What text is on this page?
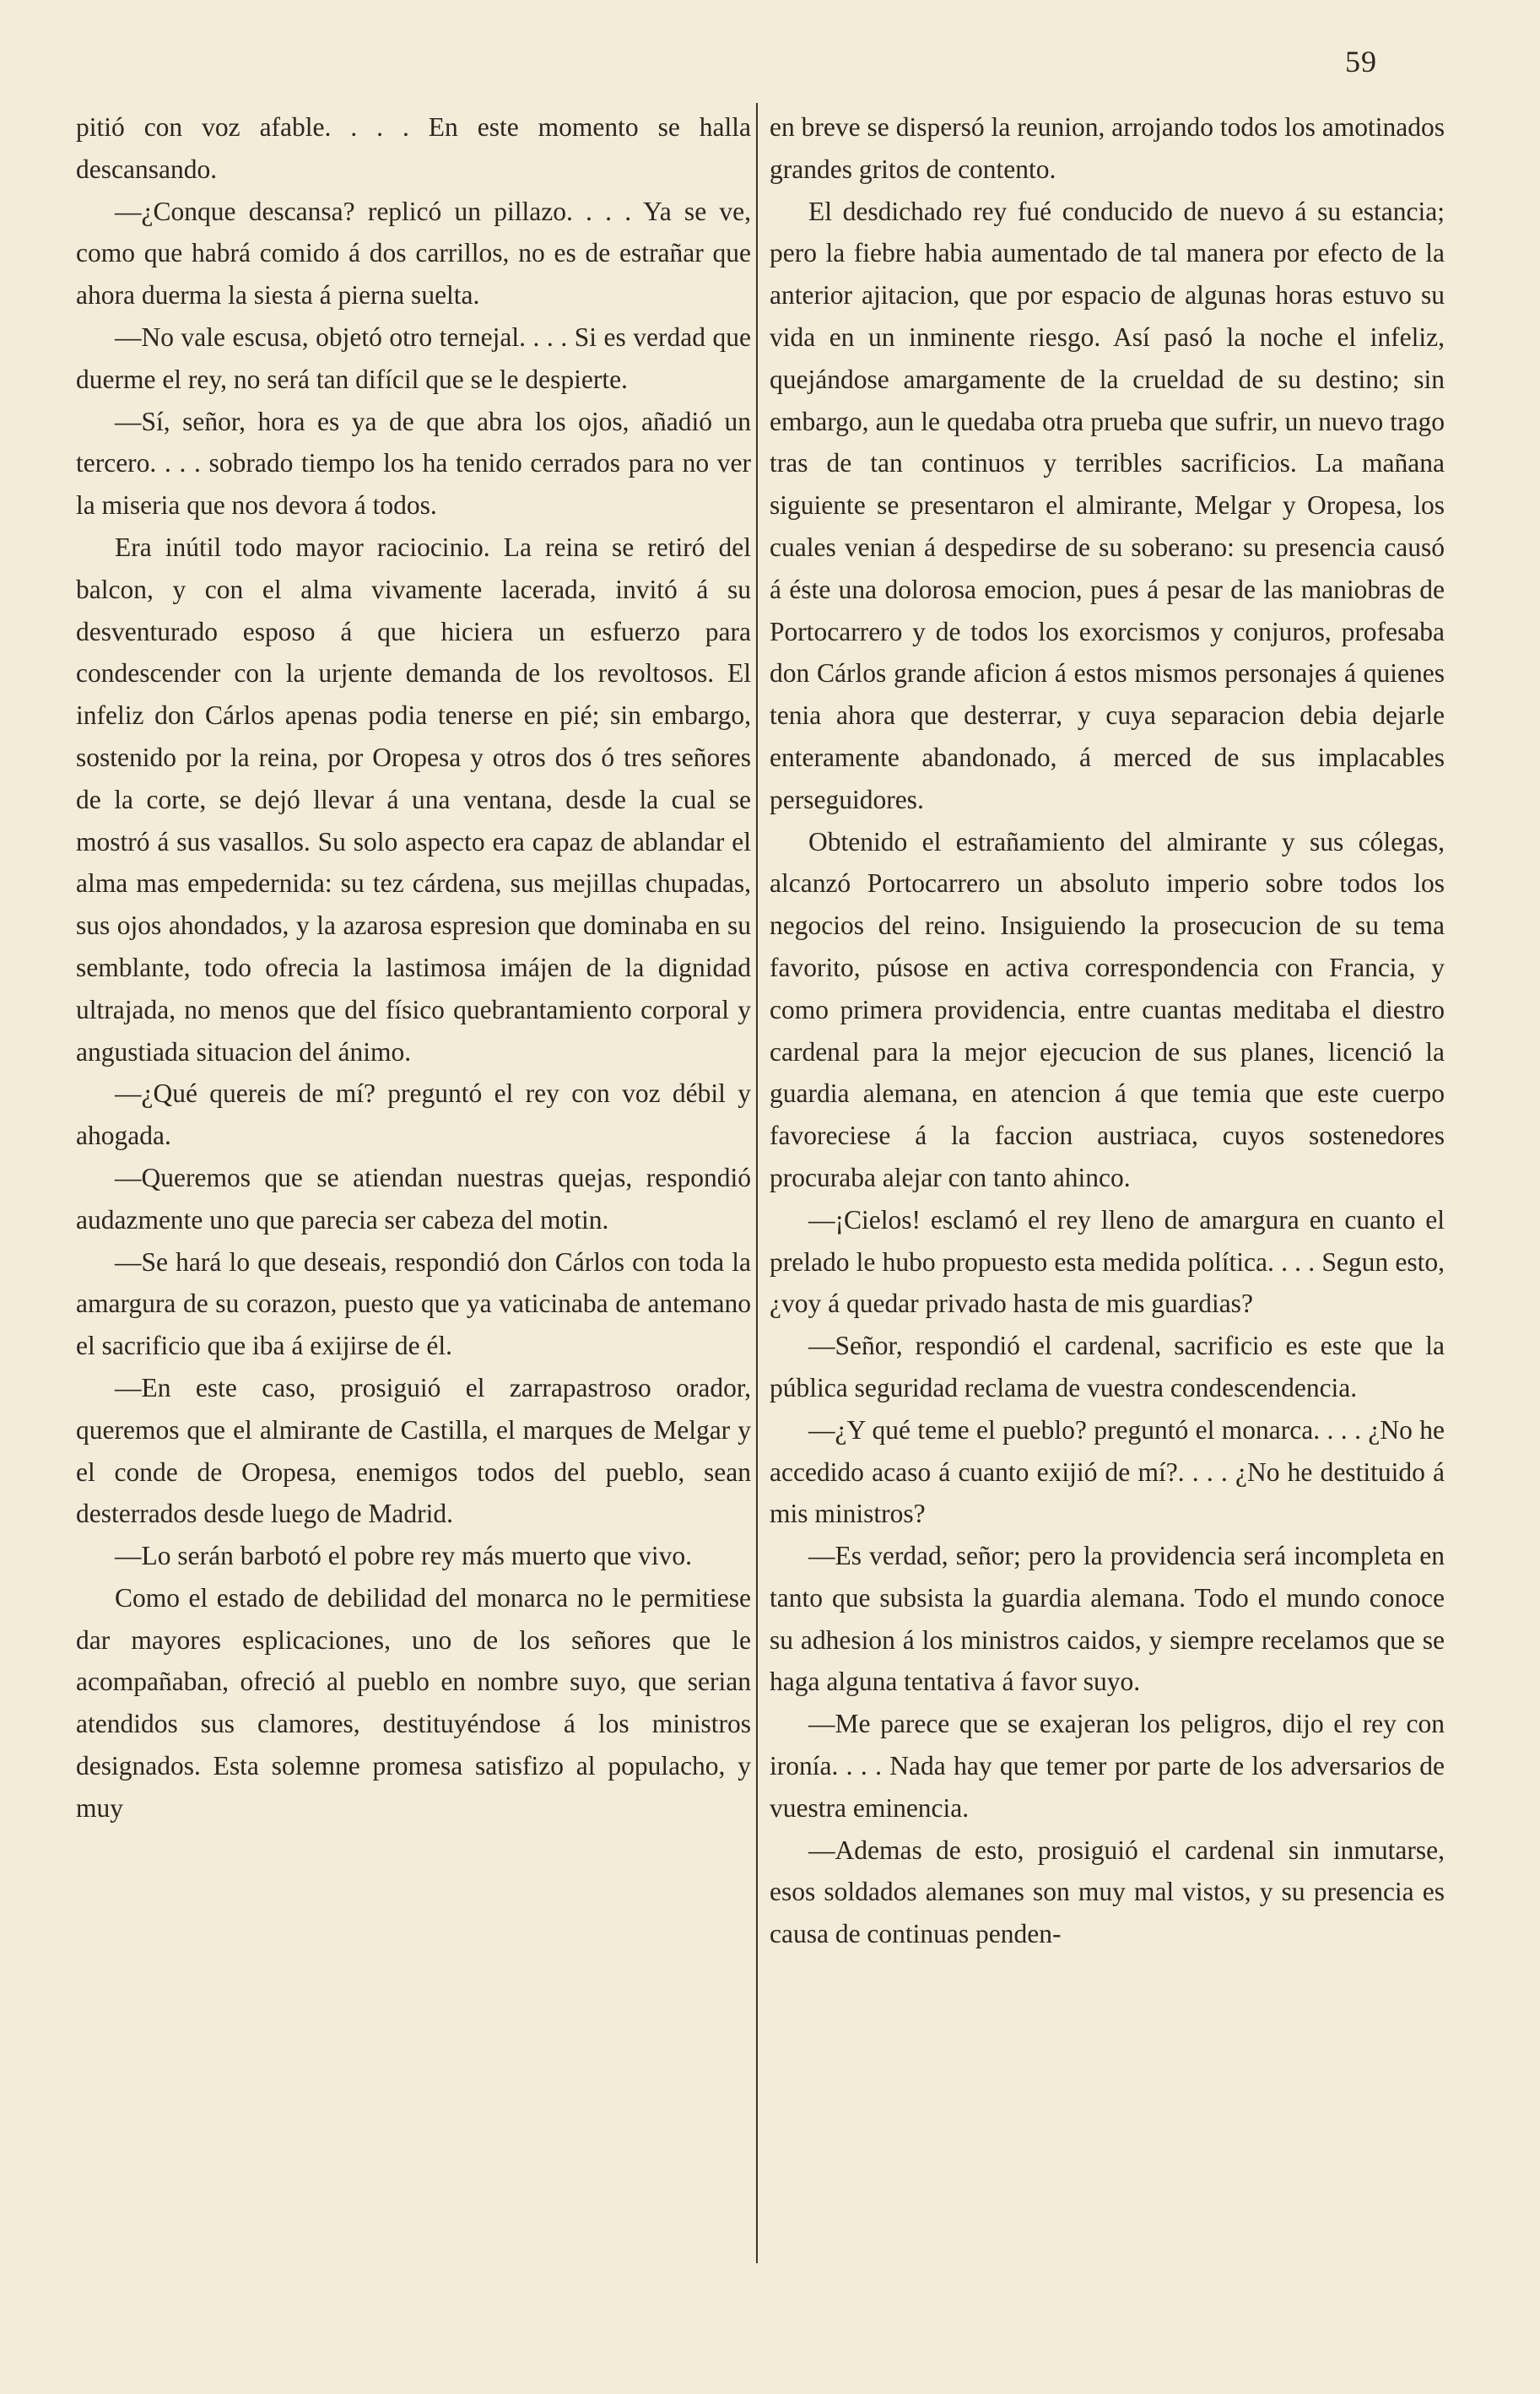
59

pitió con voz afable. . . . En este momento se halla descansando.

—¿Conque descansa? replicó un pillazo. . . . Ya se ve, como que habrá comido á dos carrillos, no es de estrañar que ahora duerma la siesta á pierna suelta.

—No vale escusa, objetó otro ternejal. . . . Si es verdad que duerme el rey, no será tan difícil que se le despierte.

—Sí, señor, hora es ya de que abra los ojos, añadió un tercero. . . . sobrado tiempo los ha tenido cerrados para no ver la miseria que nos devora á todos.

Era inútil todo mayor raciocinio. La reina se retiró del balcon, y con el alma vivamente lacerada, invitó á su desventurado esposo á que hiciera un esfuerzo para condescender con la urjente demanda de los revoltosos. El infeliz don Cárlos apenas podia tenerse en pié; sin embargo, sostenido por la reina, por Oropesa y otros dos ó tres señores de la corte, se dejó llevar á una ventana, desde la cual se mostró á sus vasallos. Su solo aspecto era capaz de ablandar el alma mas empedernida: su tez cárdena, sus mejillas chupadas, sus ojos ahondados, y la azarosa espresion que dominaba en su semblante, todo ofrecia la lastimosa imájen de la dignidad ultrajada, no menos que del físico quebrantamiento corporal y angustiada situacion del ánimo.

—¿Qué quereis de mí? preguntó el rey con voz débil y ahogada.

—Queremos que se atiendan nuestras quejas, respondió audazmente uno que parecia ser cabeza del motin.

—Se hará lo que deseais, respondió don Cárlos con toda la amargura de su corazon, puesto que ya vaticinaba de antemano el sacrificio que iba á exijirse de él.

—En este caso, prosiguió el zarrapastroso orador, queremos que el almirante de Castilla, el marques de Melgar y el conde de Oropesa, enemigos todos del pueblo, sean desterrados desde luego de Madrid.

—Lo serán barbotó el pobre rey más muerto que vivo.

Como el estado de debilidad del monarca no le permitiese dar mayores esplicaciones, uno de los señores que le acompañaban, ofreció al pueblo en nombre suyo, que serian atendidos sus clamores, destituyéndose á los ministros designados. Esta solemne promesa satisfizo al populacho, y muy

en breve se dispersó la reunion, arrojando todos los amotinados grandes gritos de contento.

El desdichado rey fué conducido de nuevo á su estancia; pero la fiebre habia aumentado de tal manera por efecto de la anterior ajitacion, que por espacio de algunas horas estuvo su vida en un inminente riesgo. Así pasó la noche el infeliz, quejándose amargamente de la crueldad de su destino; sin embargo, aun le quedaba otra prueba que sufrir, un nuevo trago tras de tan continuos y terribles sacrificios. La mañana siguiente se presentaron el almirante, Melgar y Oropesa, los cuales venian á despedirse de su soberano: su presencia causó á éste una dolorosa emocion, pues á pesar de las maniobras de Portocarrero y de todos los exorcismos y conjuros, profesaba don Cárlos grande aficion á estos mismos personajes á quienes tenia ahora que desterrar, y cuya separacion debia dejarle enteramente abandonado, á merced de sus implacables perseguidores.

Obtenido el estrañamiento del almirante y sus cólegas, alcanzó Portocarrero un absoluto imperio sobre todos los negocios del reino. Insiguiendo la prosecucion de su tema favorito, púsose en activa correspondencia con Francia, y como primera providencia, entre cuantas meditaba el diestro cardenal para la mejor ejecucion de sus planes, licenció la guardia alemana, en atencion á que temia que este cuerpo favoreciese á la faccion austriaca, cuyos sostenedores procuraba alejar con tanto ahinco.

—¡Cielos! esclamó el rey lleno de amargura en cuanto el prelado le hubo propuesto esta medida política. . . . Segun esto, ¿voy á quedar privado hasta de mis guardias?

—Señor, respondió el cardenal, sacrificio es este que la pública seguridad reclama de vuestra condescendencia.

—¿Y qué teme el pueblo? preguntó el monarca. . . . ¿No he accedido acaso á cuanto exijió de mí?. . . . ¿No he destituido á mis ministros?

—Es verdad, señor; pero la providencia será incompleta en tanto que subsista la guardia alemana. Todo el mundo conoce su adhesion á los ministros caidos, y siempre recelamos que se haga alguna tentativa á favor suyo.

—Me parece que se exajeran los peligros, dijo el rey con ironía. . . . Nada hay que temer por parte de los adversarios de vuestra eminencia.

—Ademas de esto, prosiguió el cardenal sin inmutarse, esos soldados alemanes son muy mal vistos, y su presencia es causa de continuas penden-
